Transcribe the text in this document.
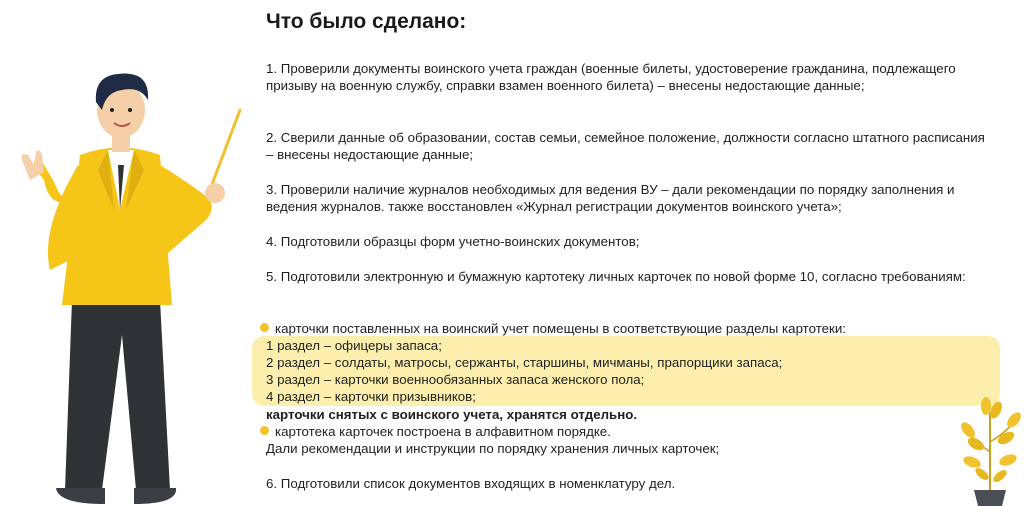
Что было сделано:
1. Проверили документы воинского учета граждан (военные билеты, удостоверение гражданина, подлежащего призыву на военную службу, справки взамен военного билета) – внесены недостающие данные;
2. Сверили данные об образовании, состав семьи, семейное положение, должности согласно штатного расписания – внесены недостающие данные;
3. Проверили наличие журналов необходимых для ведения ВУ – дали рекомендации по порядку заполнения и ведения журналов. также восстановлен «Журнал регистрации документов воинского учета»;
4. Подготовили образцы форм учетно-воинских документов;
5. Подготовили электронную и бумажную картотеку личных карточек по новой форме 10, согласно требованиям:
карточки поставленных на воинский учет помещены в соответствующие разделы картотеки:
1 раздел – офицеры запаса;
2 раздел – солдаты, матросы, сержанты, старшины, мичманы, прапорщики запаса;
3 раздел – карточки военнообязанных запаса женского пола;
4 раздел – карточки призывников;
карточки снятых с воинского учета, хранятся отдельно.
картотека карточек построена в алфавитном порядке.
Дали рекомендации и инструкции по порядку хранения личных карточек;
6. Подготовили список документов входящих в номенклатуру дел.
